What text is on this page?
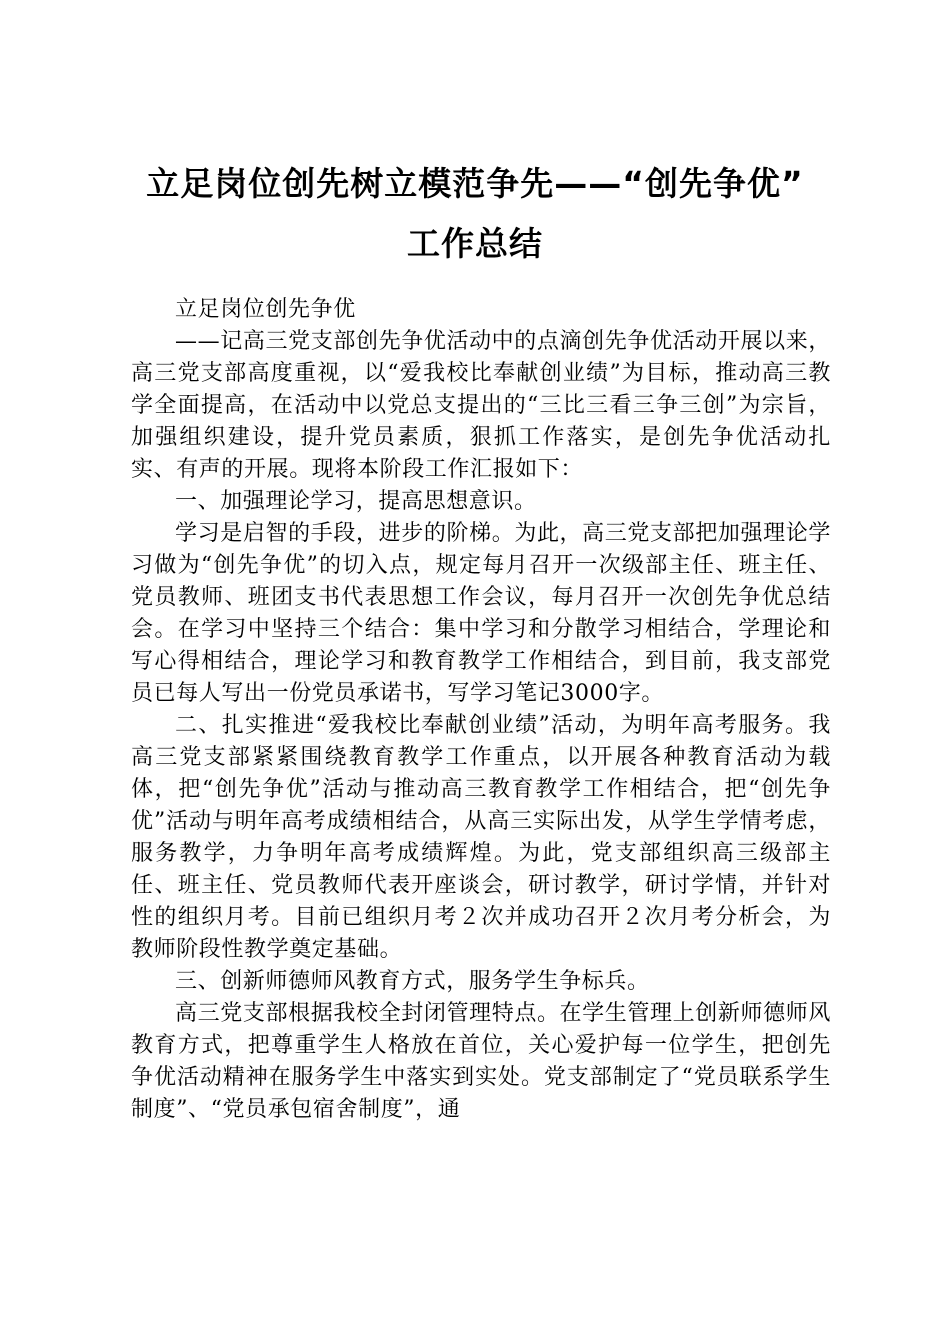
立足岗位创先树立模范争先——“创先争优”
工作总结

立足岗位创先争优

——记高三党支部创先争优活动中的点滴创先争优活动开展以来，高三党支部高度重视，以“爱我校比奉献创业绩”为目标，推动高三教学全面提高，在活动中以党总支提出的“三比三看三争三创”为宗旨，加强组织建设，提升党员素质，狠抓工作落实，是创先争优活动扎实、有声的开展。现将本阶段工作汇报如下：

一、加强理论学习，提高思想意识。

学习是启智的手段，进步的阶梯。为此，高三党支部把加强理论学习做为“创先争优”的切入点，规定每月召开一次级部主任、班主任、党员教师、班团支书代表思想工作会议，每月召开一次创先争优总结会。在学习中坚持三个结合：集中学习和分散学习相结合，学理论和写心得相结合，理论学习和教育教学工作相结合，到目前，我支部党员已每人写出一份党员承诺书，写学习笔记3000字。

二、扎实推进“爱我校比奉献创业绩”活动，为明年高考服务。我高三党支部紧紧围绕教育教学工作重点，以开展各种教育活动为载体，把“创先争优”活动与推动高三教育教学工作相结合，把“创先争优”活动与明年高考成绩相结合，从高三实际出发，从学生学情考虑，服务教学，力争明年高考成绩辉煌。为此，党支部组织高三级部主任、班主任、党员教师代表开座谈会，研讨教学，研讨学情，并针对性的组织月考。目前已组织月考２次并成功召开２次月考分析会，为教师阶段性教学奠定基础。

三、创新师德师风教育方式，服务学生争标兵。

高三党支部根据我校全封闭管理特点。在学生管理上创新师德师风教育方式，把尊重学生人格放在首位，关心爱护每一位学生，把创先争优活动精神在服务学生中落实到实处。党支部制定了“党员联系学生制度”、“党员承包宿舍制度”，通
